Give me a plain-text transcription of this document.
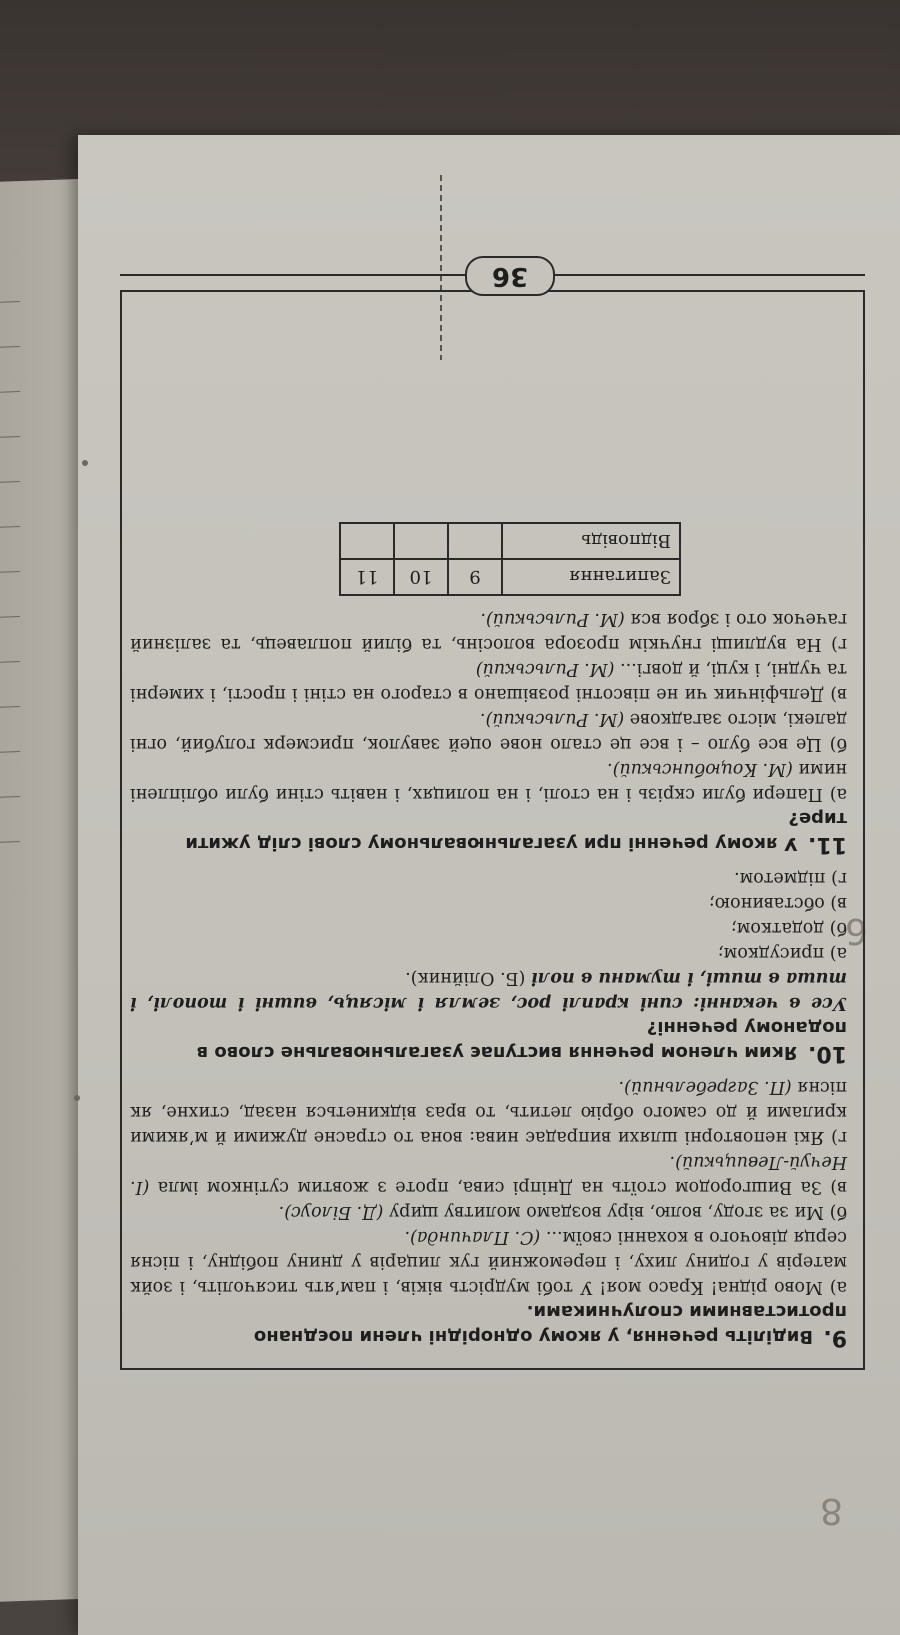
8
6
36
9. Виділіть речення, у якому однорідні члени поєднано протиставними сполучниками.
а) Мово рідна! Красо моя! У тобі мудрість віків, і пам’ять тисячоліть, і зойк матерів у годину лиху, і переможний гук лицарів у днину побідну, і пісня серця дівочого в коханні своїм... (С. Плачинда).
б) Ми за згоду, волю, віру воздамо молитву щиру (Д. Білоус).
в) За Вишгородом стоїть на Дніпрі сива, проте з жовтим сутінком імла (І. Нечуй-Левицький).
г) Які неповторні шляхи випрадає нива: вона то страсне дужими й м’якими крилами й до самого обрію летить, то враз відкинеться назад, стихне, як пісня (П. Загребельний).
10. Яким членом речення виступає узагальнювальне слово в поданому реченні?
Усе в чеканні: сині краплі рос, земля і місяць, вишні і тополі, і тиша в тиші, і тумани в полі (Б. Олійник).
а) присудком;
б) додатком;
в) обставиною;
г) підметом.
11. У якому реченні при узагальнювальному слові слід ужити тире?
а) Папери були скрізь і на столі, і на полицях, і навіть стіни були обліплені ними (М. Коцюбинський).
б) Це все було – і все це стало нове оцей завулок, присмерк голубий, огні далекі, місто загадкове (М. Рильський).
в) Дельфінчик чи не півсотні розвішано в старого на стіні і прості, і химерні та чудні, і куці, й довгі... (М. Рильський)
г) На вудлищі гнучкім прозора волосінь, та білий поплавець, та залізний гачечок ото і зброя вся (М. Рильський).
Запитання	9	10	11
Відповідь			
